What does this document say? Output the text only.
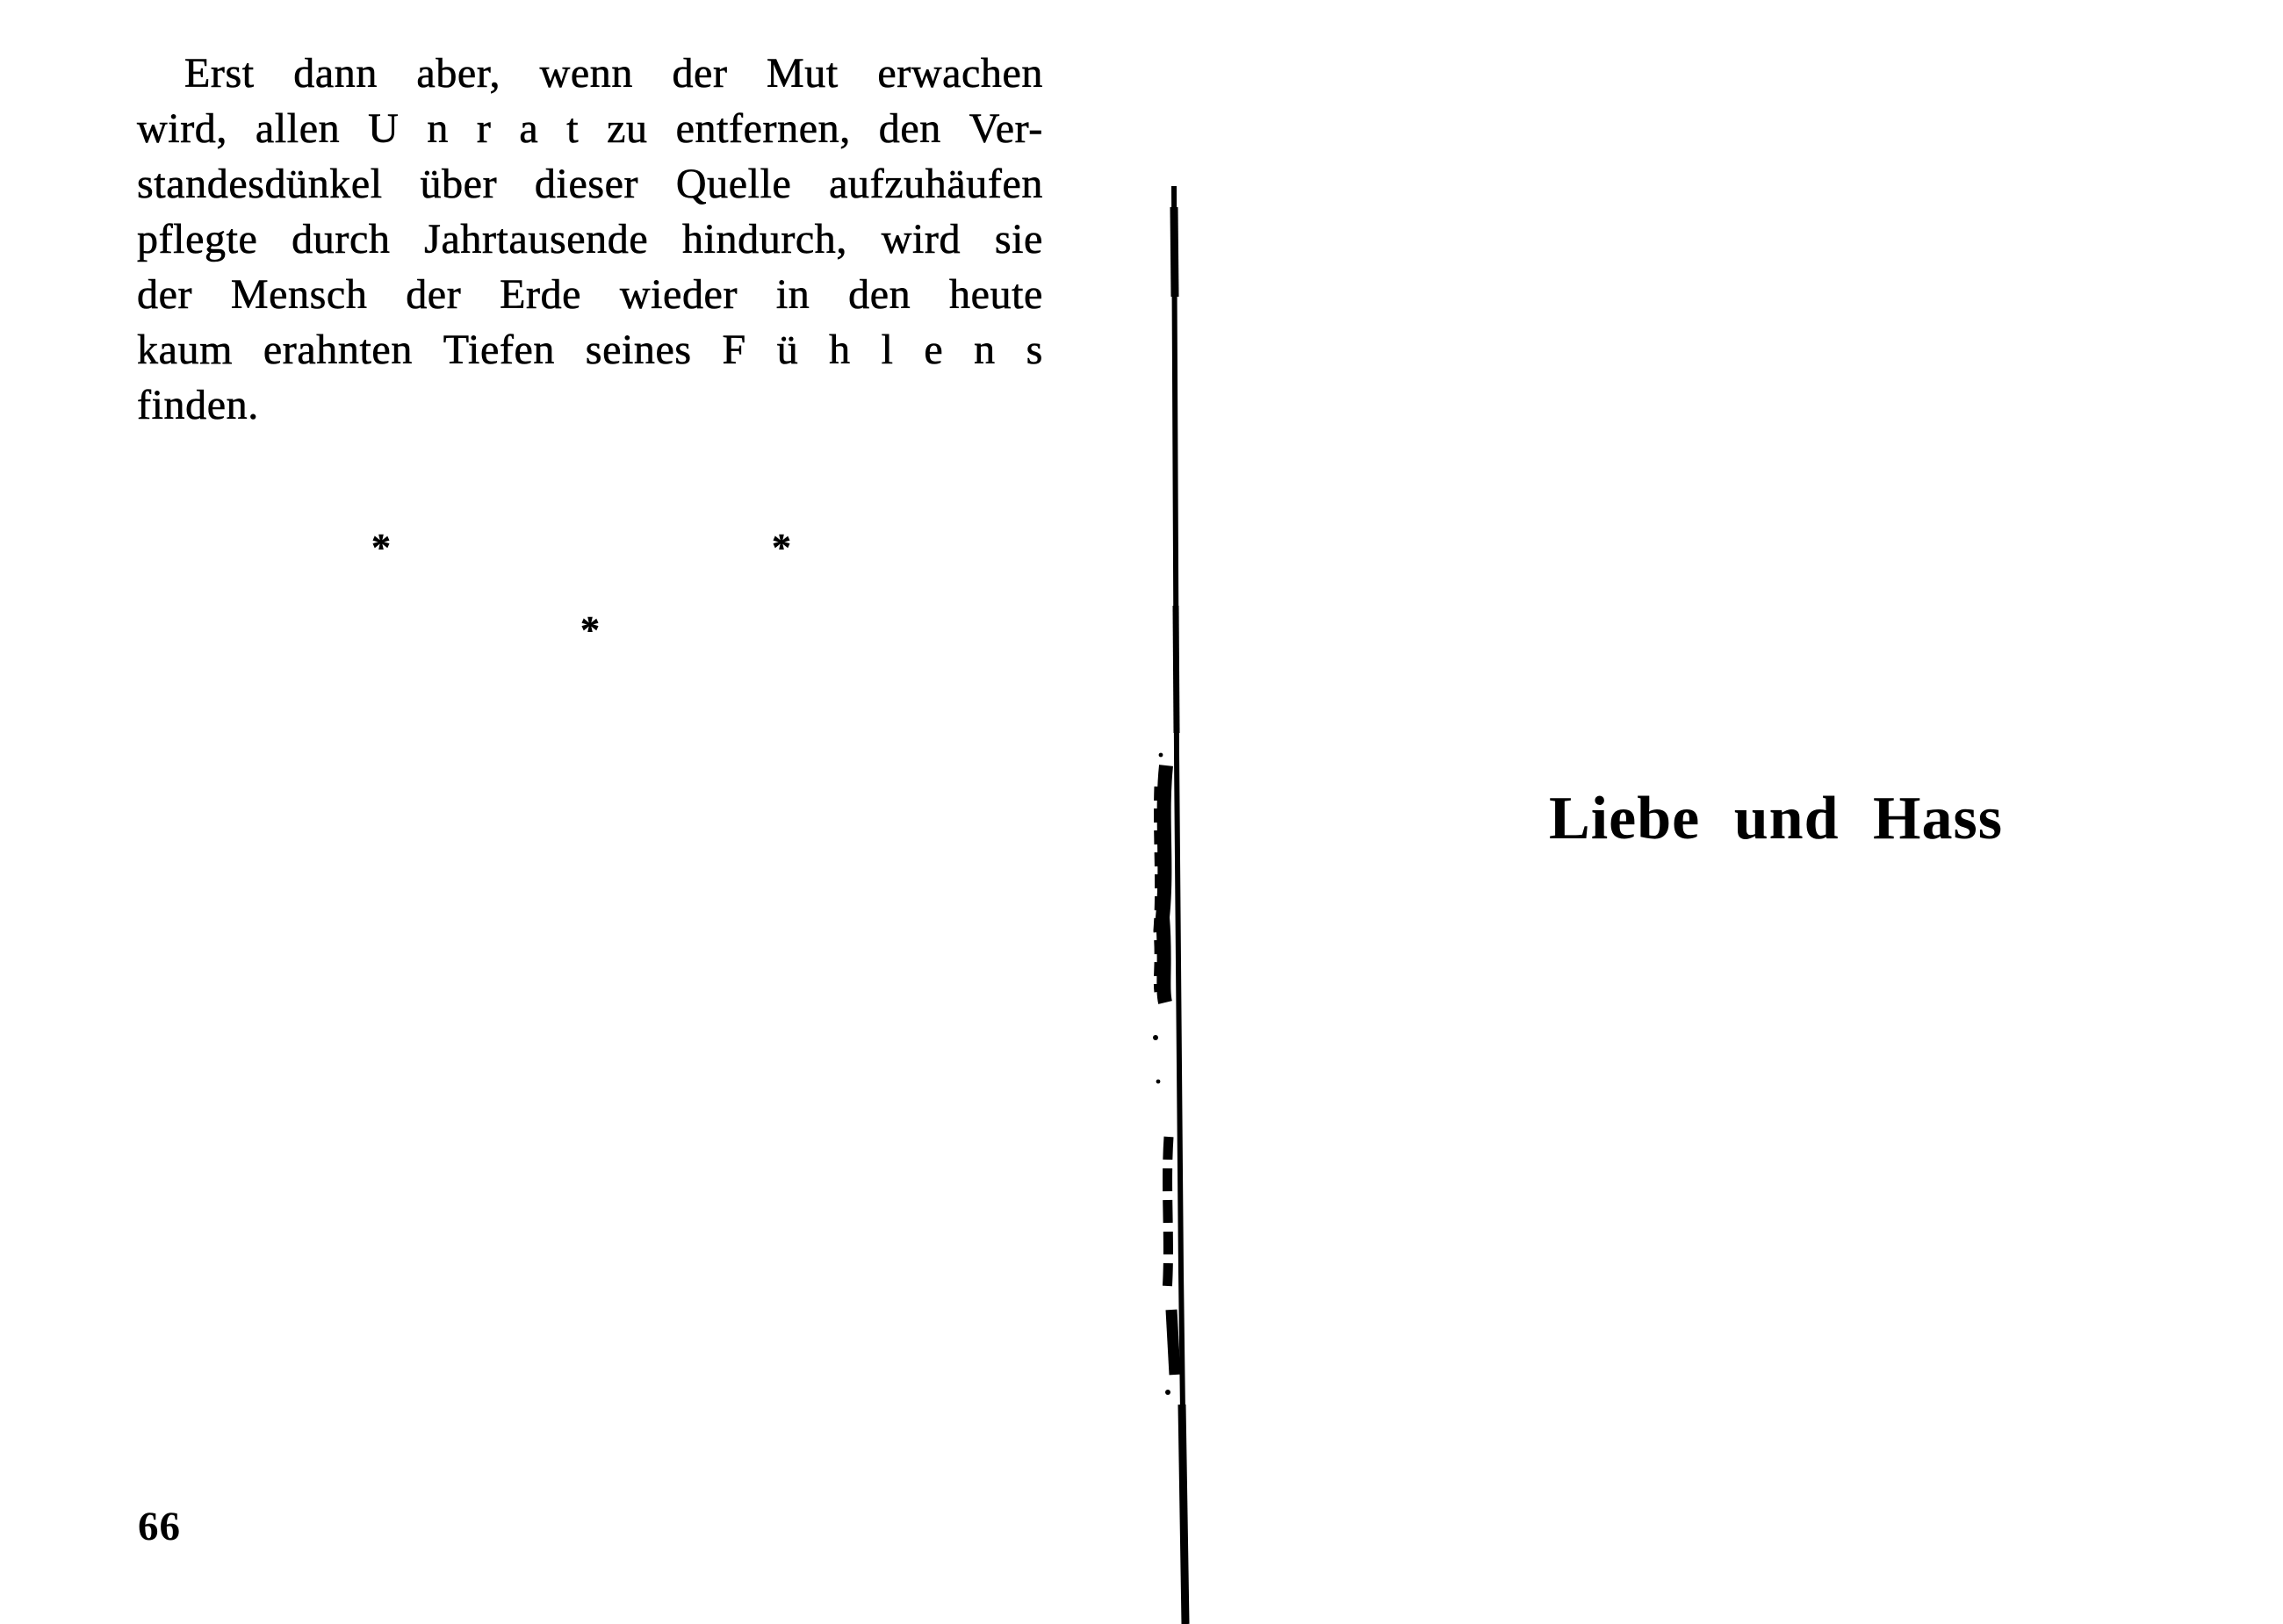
Erst dann aber, wenn der Mut erwachen
wird, allen U n r a t zu entfernen, den Ver-
standesdünkel über dieser Quelle aufzuhäufen
pflegte durch Jahrtausende hindurch, wird sie
der Mensch der Erde wieder in den heute
kaum erahnten Tiefen seines F ü h l e n s
finden.
*	*
*
66
Liebe und Hass
